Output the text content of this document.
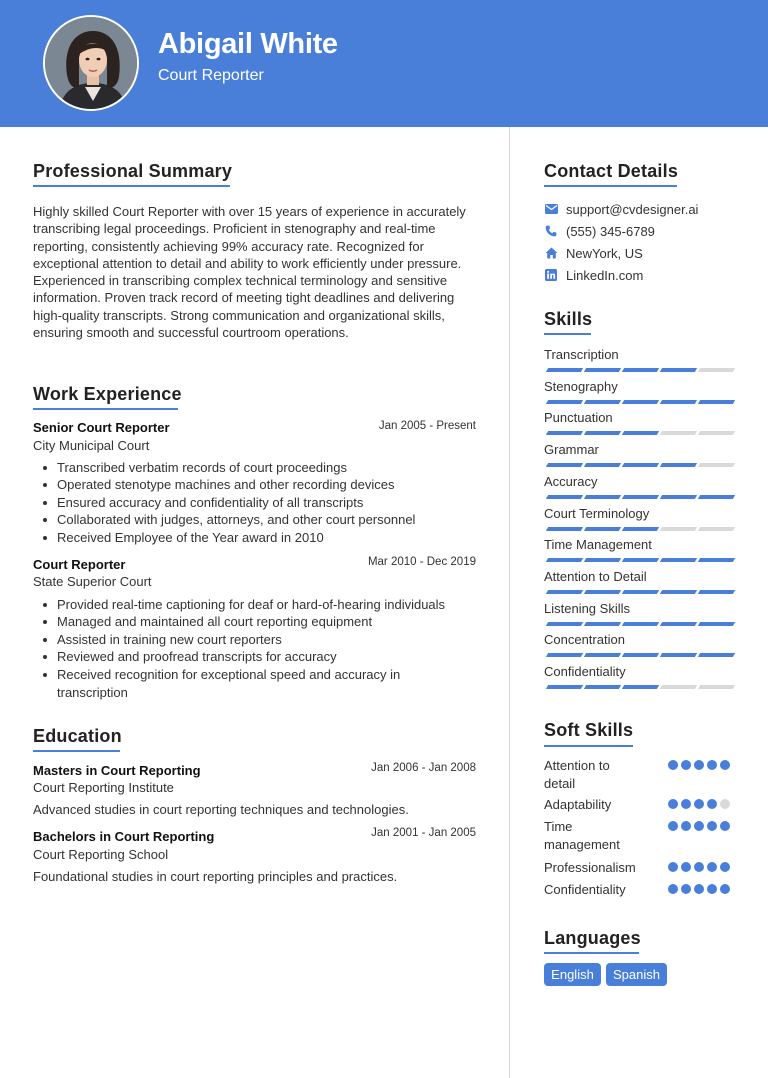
Abigail White
Court Reporter
Professional Summary
Highly skilled Court Reporter with over 15 years of experience in accurately
transcribing legal proceedings. Proficient in stenography and real-time
reporting, consistently achieving 99% accuracy rate. Recognized for
exceptional attention to detail and ability to work efficiently under pressure.
Experienced in transcribing complex technical terminology and sensitive
information. Proven track record of meeting tight deadlines and delivering
high-quality transcripts. Strong communication and organizational skills,
ensuring smooth and successful courtroom operations.
Work Experience
Senior Court Reporter	Jan 2005 - Present
City Municipal Court
Transcribed verbatim records of court proceedings
Operated stenotype machines and other recording devices
Ensured accuracy and confidentiality of all transcripts
Collaborated with judges, attorneys, and other court personnel
Received Employee of the Year award in 2010
Court Reporter	Mar 2010 - Dec 2019
State Superior Court
Provided real-time captioning for deaf or hard-of-hearing individuals
Managed and maintained all court reporting equipment
Assisted in training new court reporters
Reviewed and proofread transcripts for accuracy
Received recognition for exceptional speed and accuracy in
transcription
Education
Masters in Court Reporting	Jan 2006 - Jan 2008
Court Reporting Institute
Advanced studies in court reporting techniques and technologies.
Bachelors in Court Reporting	Jan 2001 - Jan 2005
Court Reporting School
Foundational studies in court reporting principles and practices.
Contact Details
support@cvdesigner.ai
(555) 345-6789
NewYork, US
LinkedIn.com
Skills
Transcription
Stenography
Punctuation
Grammar
Accuracy
Court Terminology
Time Management
Attention to Detail
Listening Skills
Concentration
Confidentiality
Soft Skills
Attention to
detail
Adaptability
Time
management
Professionalism
Confidentiality
Languages
English	Spanish
